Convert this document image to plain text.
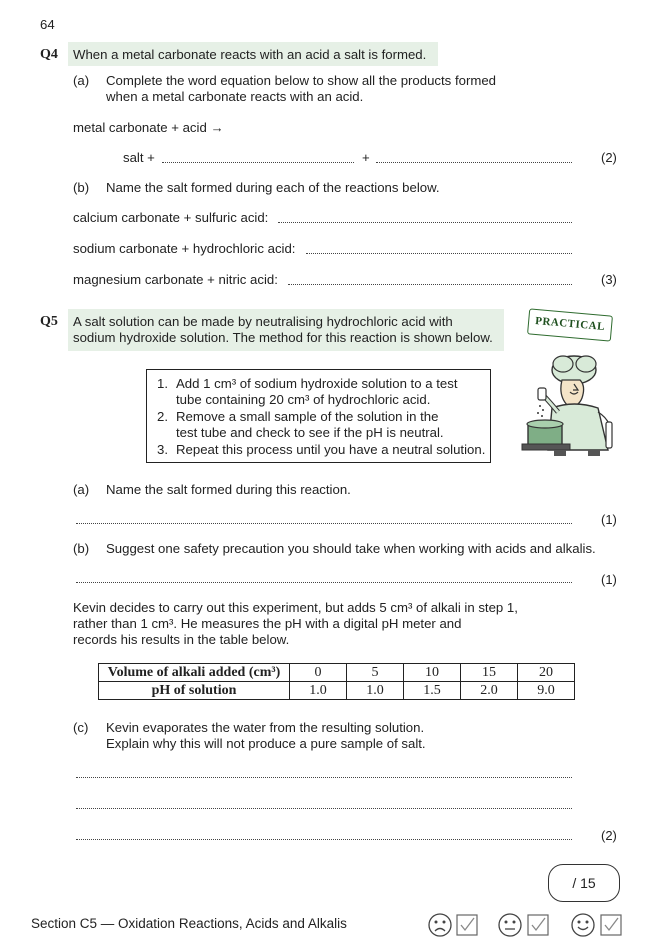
64
Q4 When a metal carbonate reacts with an acid a salt is formed.
(a) Complete the word equation below to show all the products formed
when a metal carbonate reacts with an acid.
metal carbonate + acid →
salt +	+	(2)
(b) Name the salt formed during each of the reactions below.
calcium carbonate + sulfuric acid:
sodium carbonate + hydrochloric acid:
magnesium carbonate + nitric acid:	(3)
Q5 A salt solution can be made by neutralising hydrochloric acid with
sodium hydroxide solution. The method for this reaction is shown below.
PRACTICAL
1. Add 1 cm³ of sodium hydroxide solution to a test
tube containing 20 cm³ of hydrochloric acid.
2. Remove a small sample of the solution in the
test tube and check to see if the pH is neutral.
3. Repeat this process until you have a neutral solution.
(a) Name the salt formed during this reaction.
(1)
(b) Suggest one safety precaution you should take when working with acids and alkalis.
(1)
Kevin decides to carry out this experiment, but adds 5 cm³ of alkali in step 1,
rather than 1 cm³. He measures the pH with a digital pH meter and
records his results in the table below.
Volume of alkali added (cm³)	0	5	10	15	20
pH of solution	1.0	1.0	1.5	2.0	9.0
(c) Kevin evaporates the water from the resulting solution.
Explain why this will not produce a pure sample of salt.
(2)
/ 15
Section C5 — Oxidation Reactions, Acids and Alkalis
